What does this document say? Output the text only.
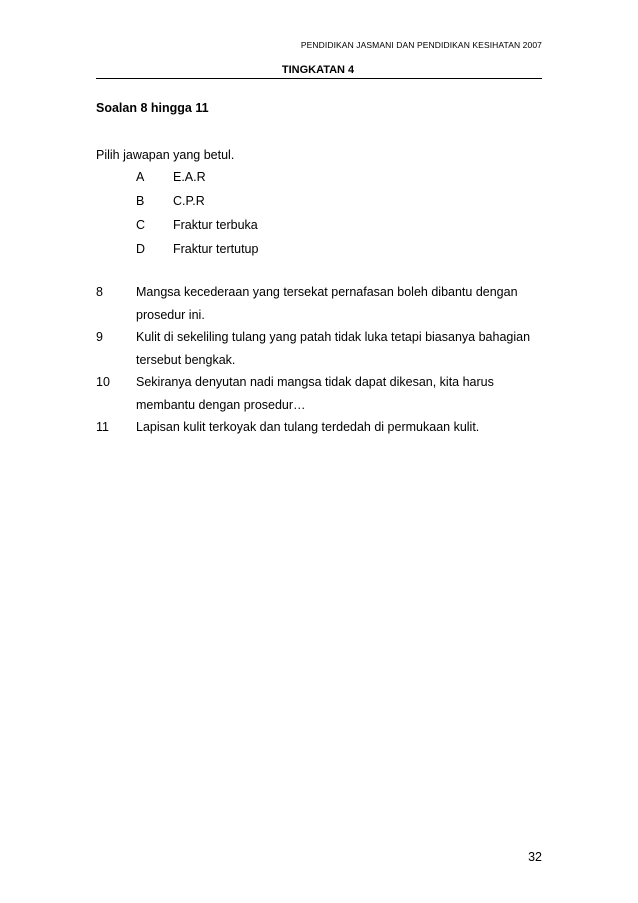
PENDIDIKAN JASMANI DAN PENDIDIKAN KESIHATAN 2007
TINGKATAN 4
Soalan 8 hingga 11
Pilih jawapan yang betul.
A	E.A.R
B	C.P.R
C	Fraktur terbuka
D	Fraktur tertutup
8	Mangsa kecederaan yang tersekat pernafasan boleh dibantu dengan
prosedur ini.
9	Kulit di sekeliling tulang yang patah tidak luka tetapi biasanya bahagian
tersebut bengkak.
10	Sekiranya denyutan nadi mangsa tidak dapat dikesan, kita harus
membantu dengan prosedur…
11	Lapisan kulit terkoyak dan tulang terdedah di permukaan kulit.
32
